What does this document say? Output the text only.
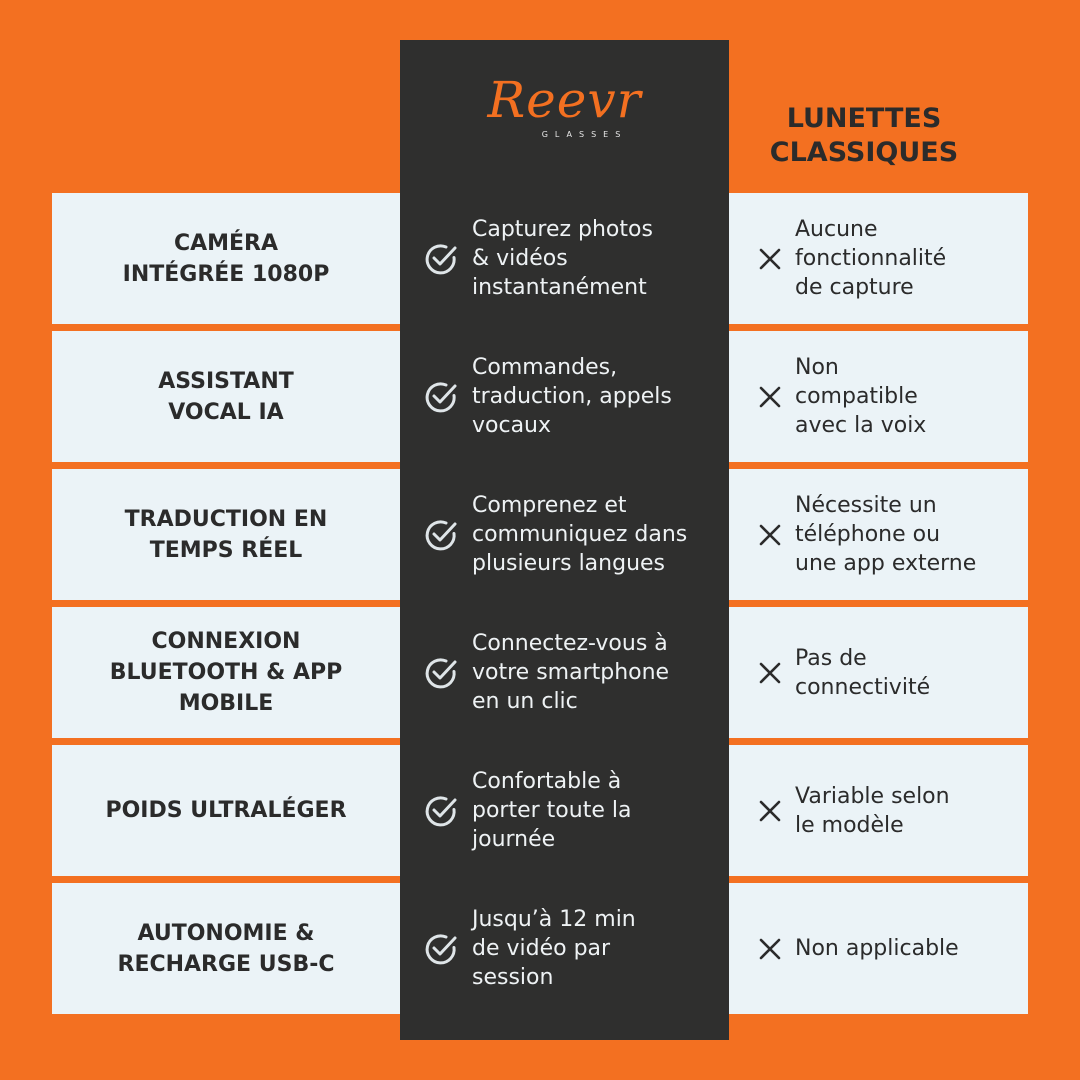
Reevr
GLASSES
LUNETTES
CLASSIQUES
CAMÉRA
INTÉGRÉE 1080P
Capturez photos
& vidéos
instantanément
Aucune
fonctionnalité
de capture
ASSISTANT
VOCAL IA
Commandes,
traduction, appels
vocaux
Non
compatible
avec la voix
TRADUCTION EN
TEMPS RÉEL
Comprenez et
communiquez dans
plusieurs langues
Nécessite un
téléphone ou
une app externe
CONNEXION
BLUETOOTH & APP
MOBILE
Connectez-vous à
votre smartphone
en un clic
Pas de
connectivité
POIDS ULTRALÉGER
Confortable à
porter toute la
journée
Variable selon
le modèle
AUTONOMIE &
RECHARGE USB-C
Jusqu’à 12 min
de vidéo par
session
Non applicable
